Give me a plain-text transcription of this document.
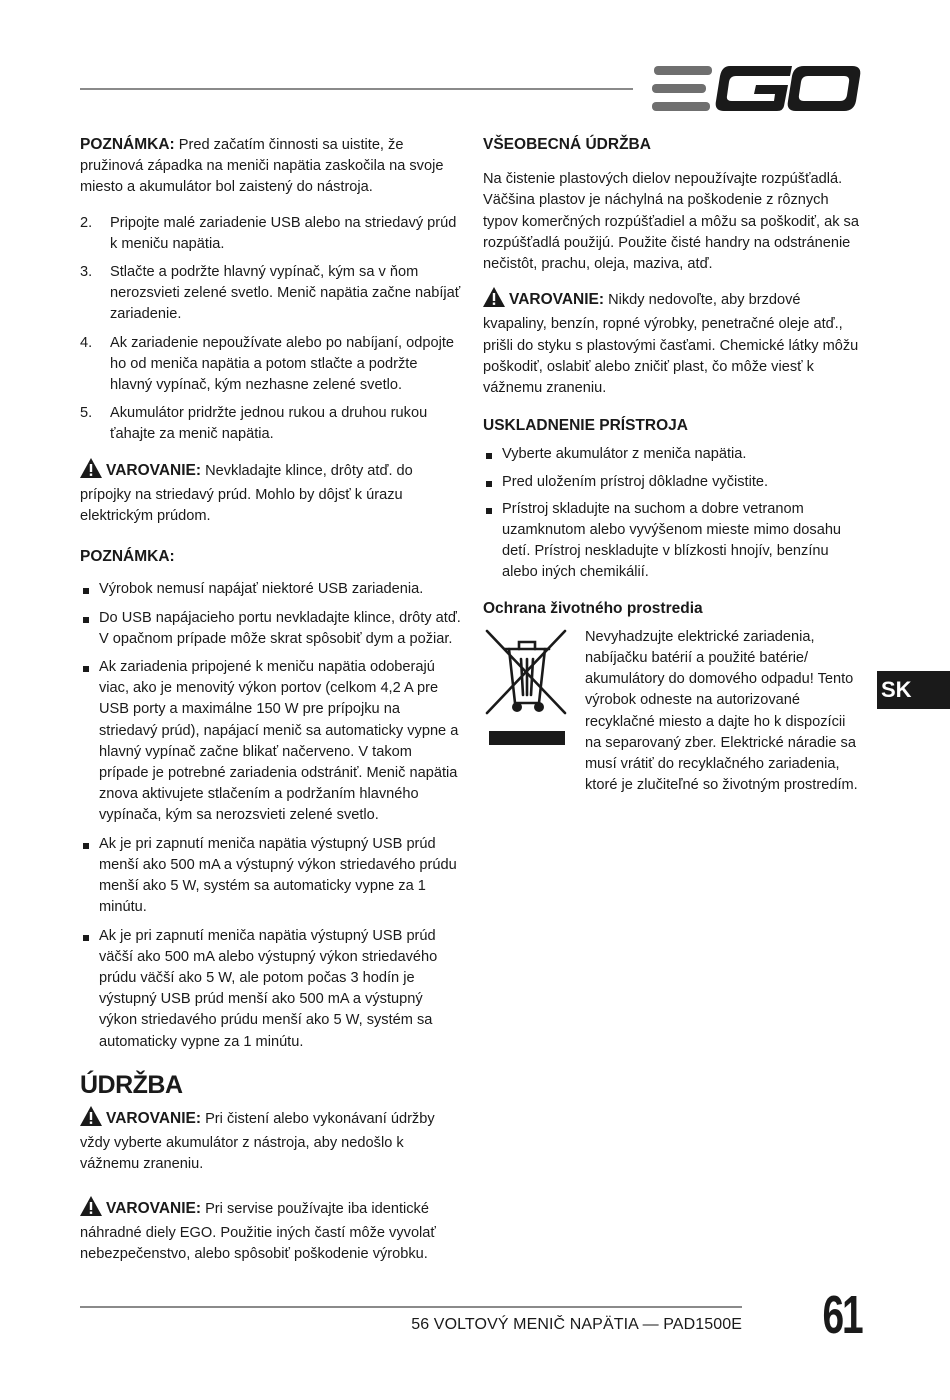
POZNÁMKA: Pred začatím činnosti sa uistite, že pružinová západka na meniči napätia zaskočila na svoje miesto a akumulátor bol zaistený do nástroja.

2.	Pripojte malé zariadenie USB alebo na striedavý prúd k meniču napätia.
3.	Stlačte a podržte hlavný vypínač, kým sa v ňom nerozsvieti zelené svetlo. Menič napätia začne nabíjať zariadenie.
4.	Ak zariadenie nepoužívate alebo po nabíjaní, odpojte ho od meniča napätia a potom stlačte a podržte hlavný vypínač, kým nezhasne zelené svetlo.
5.	Akumulátor pridržte jednou rukou a druhou rukou ťahajte za menič napätia.

VAROVANIE: Nevkladajte klince, drôty atď. do prípojky na striedavý prúd. Mohlo by dôjsť k úrazu elektrickým prúdom.

POZNÁMKA:

Výrobok nemusí napájať niektoré USB zariadenia.
Do USB napájacieho portu nevkladajte klince, drôty atď. V opačnom prípade môže skrat spôsobiť dym a požiar.
Ak zariadenia pripojené k meniču napätia odoberajú viac, ako je menovitý výkon portov (celkom 4,2 A pre USB porty a maximálne 150 W pre prípojku na striedavý prúd), napájací menič sa automaticky vypne a hlavný vypínač začne blikať načerveno. V takom prípade je potrebné zariadenia odstrániť. Menič napätia znova aktivujete stlačením a podržaním hlavného vypínača, kým sa nerozsvieti zelené svetlo.
Ak je pri zapnutí meniča napätia výstupný USB prúd menší ako 500 mA a výstupný výkon striedavého prúdu menší ako 5 W, systém sa automaticky vypne za 1 minútu.
Ak je pri zapnutí meniča napätia výstupný USB prúd väčší ako 500 mA alebo výstupný výkon striedavého prúdu väčší ako 5 W, ale potom počas 3 hodín je výstupný USB prúd menší ako 500 mA a výstupný výkon striedavého prúdu menší ako 5 W, systém sa automaticky vypne za 1 minútu.
ÚDRŽBA

VAROVANIE: Pri čistení alebo vykonávaní údržby vždy vyberte akumulátor z nástroja, aby nedošlo k vážnemu zraneniu.

VAROVANIE: Pri servise používajte iba identické náhradné diely EGO. Použitie iných častí môže vyvolať nebezpečenstvo, alebo spôsobiť poškodenie výrobku.

VŠEOBECNÁ ÚDRŽBA

Na čistenie plastových dielov nepoužívajte rozpúšťadlá. Väčšina plastov je náchylná na poškodenie z rôznych typov komerčných rozpúšťadiel a môžu sa poškodiť, ak sa rozpúšťadlá použijú. Použite čisté handry na odstránenie nečistôt, prachu, oleja, maziva, atď.

VAROVANIE: Nikdy nedovoľte, aby brzdové kvapaliny, benzín, ropné výrobky, penetračné oleje atď., prišli do styku s plastovými časťami. Chemické látky môžu poškodiť, oslabiť alebo zničiť plast, čo môže viesť k vážnemu zraneniu.

USKLADNENIE PRÍSTROJA

Vyberte akumulátor z meniča napätia.
Pred uložením prístroj dôkladne vyčistite.
Prístroj skladujte na suchom a dobre vetranom uzamknutom alebo vyvýšenom mieste mimo dosahu detí. Prístroj neskladujte v blízkosti hnojív, benzínu alebo iných chemikálií.

Ochrana životného prostredia

Nevyhadzujte elektrické zariadenia, nabíjačku batérií a použité batérie/ akumulátory do domového odpadu! Tento výrobok odneste na autorizované recyklačné miesto a dajte ho k dispozícii na separovaný zber. Elektrické náradie sa musí vrátiť do recyklačného zariadenia, ktoré je zlučiteľné so životným prostredím.

SK
56 VOLTOVÝ MENIČ NAPÄTIA — PAD1500E 61
